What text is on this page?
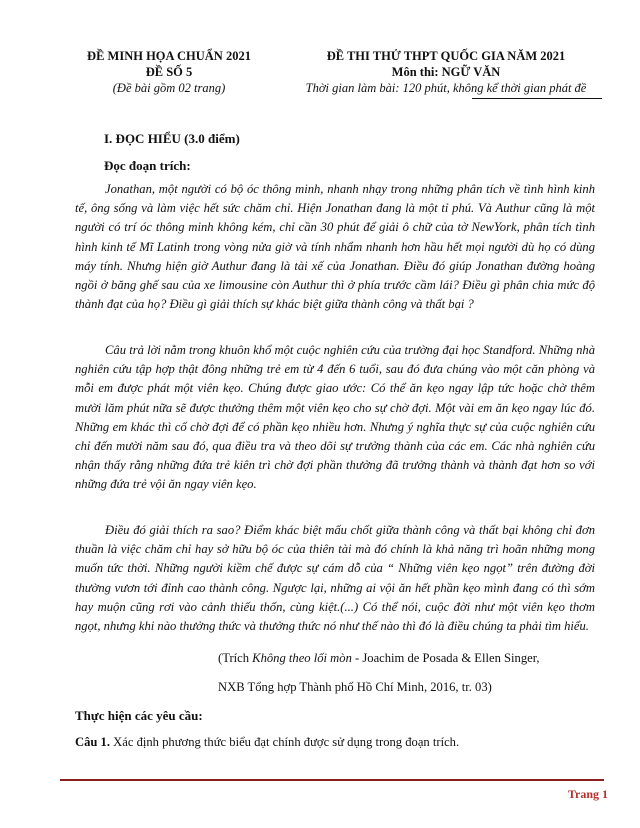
ĐỀ MINH HỌA CHUẨN 2021
ĐỀ SỐ 5
(Đề bài gồm 02 trang)
ĐỀ THI THỬ THPT QUỐC GIA NĂM 2021
Môn thi: NGỮ VĂN
Thời gian làm bài: 120 phút, không kể thời gian phát đề
I. ĐỌC HIỂU (3.0 điểm)
Đọc đoạn trích:

Jonathan, một người có bộ óc thông minh, nhanh nhạy trong những phân tích về tình hình kinh tế, ông sống và làm việc hết sức chăm chỉ. Hiện Jonathan đang là một tỉ phú. Và Authur cũng là một người có trí óc thông minh không kém, chỉ cần 30 phút để giải ô chữ của tờ NewYork, phân tích tình hình kinh tế Mĩ Latinh trong vòng nửa giờ và tính nhẩm nhanh hơn hầu hết mọi người dù họ có dùng máy tính. Nhưng hiện giờ Authur đang là tài xế của Jonathan. Điều đó giúp Jonathan đường hoàng ngồi ở băng ghế sau của xe limousine còn Authur thì ở phía trước cầm lái? Điều gì phân chia mức độ thành đạt của họ? Điều gì giải thích sự khác biệt giữa thành công và thất bại ?

Câu trả lời nằm trong khuôn khổ một cuộc nghiên cứu của trường đại học Standford. Những nhà nghiên cứu tập hợp thật đông những trẻ em từ 4 đến 6 tuổi, sau đó đưa chúng vào một căn phòng và mỗi em được phát một viên kẹo. Chúng được giao ước: Có thể ăn kẹo ngay lập tức hoặc chờ thêm mười lăm phút nữa sẽ được thưởng thêm một viên kẹo cho sự chờ đợi. Một vài em ăn kẹo ngay lúc đó. Những em khác thì cố chờ đợi để có phần kẹo nhiều hơn. Nhưng ý nghĩa thực sự của cuộc nghiên cứu chỉ đến mười năm sau đó, qua điều tra và theo dõi sự trưởng thành của các em. Các nhà nghiên cứu nhận thấy rằng những đứa trẻ kiên trì chờ đợi phần thưởng đã trưởng thành và thành đạt hơn so với những đứa trẻ vội ăn ngay viên kẹo.

Điều đó giải thích ra sao? Điểm khác biệt mấu chốt giữa thành công và thất bại không chỉ đơn thuần là việc chăm chỉ hay sở hữu bộ óc của thiên tài mà đó chính là khả năng trì hoãn những mong muốn tức thời. Những người kiềm chế được sự cám dỗ của “ Những viên kẹo ngọt” trên đường đời thường vươn tới đỉnh cao thành công. Ngược lại, những ai vội ăn hết phần kẹo mình đang có thì sớm hay muộn cũng rơi vào cảnh thiếu thốn, cùng kiệt.(...) Có thể nói, cuộc đời như một viên kẹo thơm ngọt, nhưng khi nào thưởng thức và thưởng thức nó như thế nào thì đó là điều chúng ta phải tìm hiểu.

(Trích Không theo lối mòn - Joachim de Posada & Ellen Singer,
NXB Tổng hợp Thành phố Hồ Chí Minh, 2016, tr. 03)
Thực hiện các yêu cầu:
Câu 1. Xác định phương thức biểu đạt chính được sử dụng trong đoạn trích.
Trang 1
